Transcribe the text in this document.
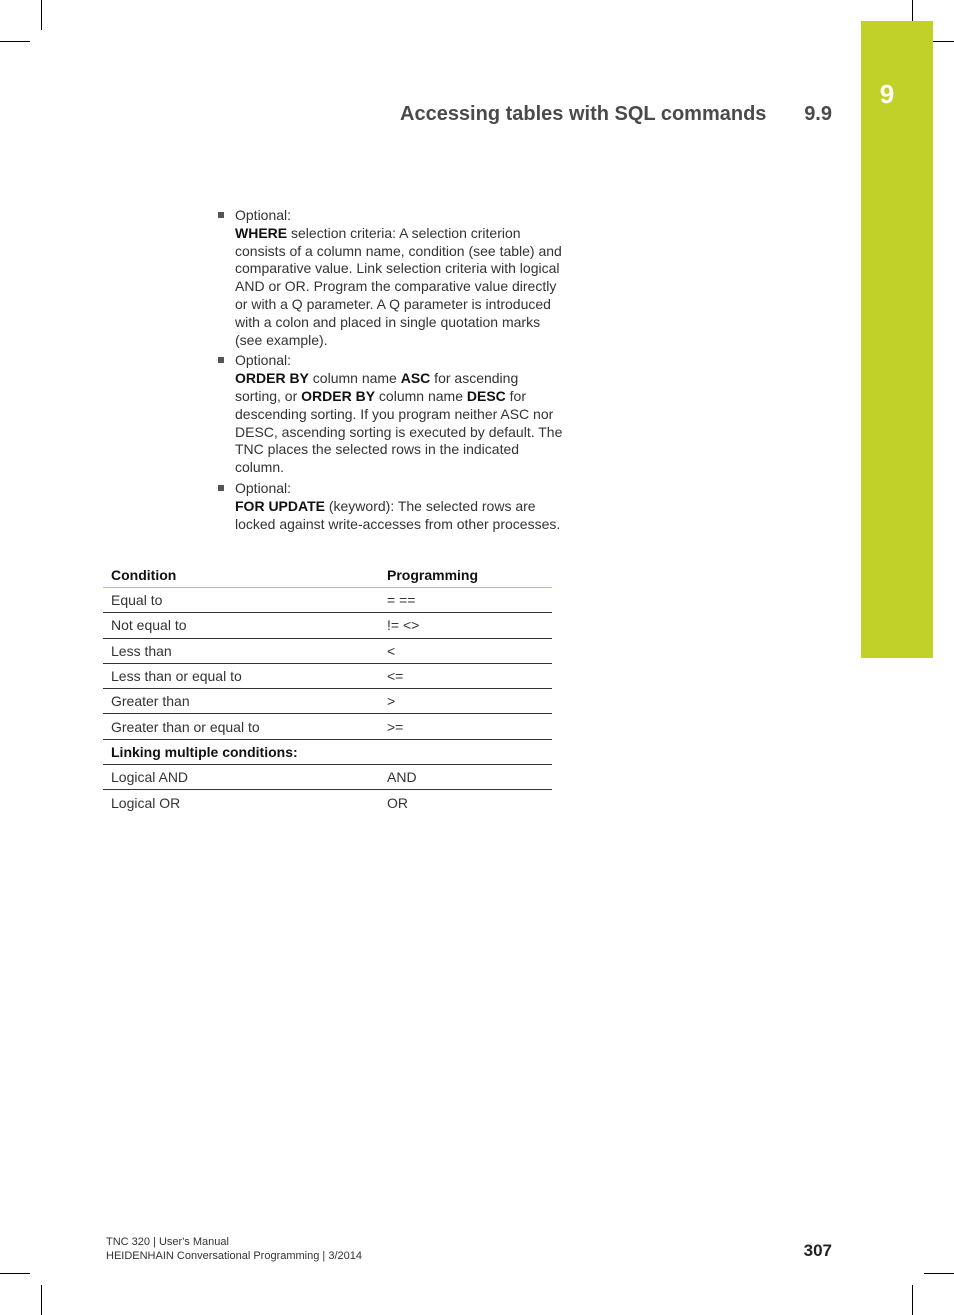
9
Accessing tables with SQL commands 9.9

Optional:

WHERE selection criteria: A selection criterion consists of a column name, condition (see table) and comparative value. Link selection criteria with logical AND or OR. Program the comparative value directly or with a Q parameter. A Q parameter is introduced with a colon and placed in single quotation marks (see example).

Optional:

ORDER BY column name ASC for ascending sorting, or ORDER BY column name DESC for descending sorting. If you program neither ASC nor DESC, ascending sorting is executed by default. The TNC places the selected rows in the indicated column.

Optional:

FOR UPDATE (keyword): The selected rows are locked against write-accesses from other processes.

Condition	Programming
Equal to	= ==
Not equal to	!= <>
Less than	<
Less than or equal to	<=
Greater than	>
Greater than or equal to	>=
Linking multiple conditions:	
Logical AND	AND
Logical OR	OR
TNC 320 | User's Manual
HEIDENHAIN Conversational Programming | 3/2014	307
